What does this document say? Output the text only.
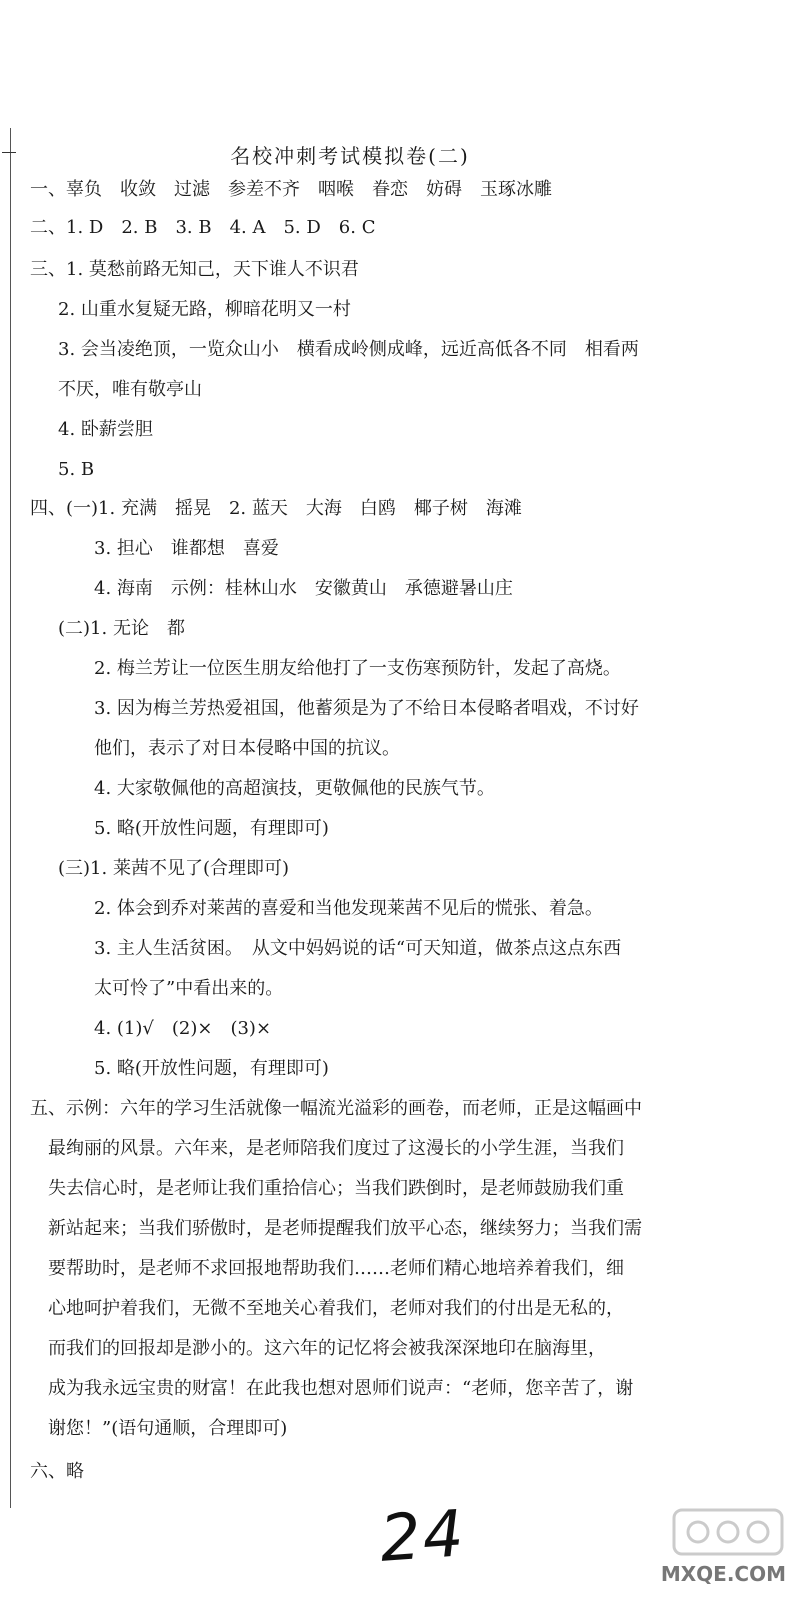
名校冲刺考试模拟卷(二)
一、辜负　收敛　过滤　参差不齐　咽喉　眷恋　妨碍　玉琢冰雕
二、1. D　2. B　3. B　4. A　5. D　6. C
三、1. 莫愁前路无知己，天下谁人不识君
　2. 山重水复疑无路，柳暗花明又一村
　3. 会当凌绝顶，一览众山小　横看成岭侧成峰，远近高低各不同　相看两
　不厌，唯有敬亭山
　4. 卧薪尝胆
　5. B
四、(一)1. 充满　摇晃　2. 蓝天　大海　白鸥　椰子树　海滩
　　　3. 担心　谁都想　喜爱
　　　4. 海南　示例：桂林山水　安徽黄山　承德避暑山庄
　(二)1. 无论　都
　　　2. 梅兰芳让一位医生朋友给他打了一支伤寒预防针，发起了高烧。
　　　3. 因为梅兰芳热爱祖国，他蓄须是为了不给日本侵略者唱戏，不讨好
　　　他们，表示了对日本侵略中国的抗议。
　　　4. 大家敬佩他的高超演技，更敬佩他的民族气节。
　　　5. 略(开放性问题，有理即可)
　(三)1. 莱茜不见了(合理即可)
　　　2. 体会到乔对莱茜的喜爱和当他发现莱茜不见后的慌张、着急。
　　　3. 主人生活贫困。　从文中妈妈说的话“可天知道，做茶点这点东西
　　　太可怜了”中看出来的。
　　　4. (1)√　(2)×　(3)×
　　　5. 略(开放性问题，有理即可)
五、示例：六年的学习生活就像一幅流光溢彩的画卷，而老师，正是这幅画中
　最绚丽的风景。六年来，是老师陪我们度过了这漫长的小学生涯，当我们
　失去信心时，是老师让我们重拾信心；当我们跌倒时，是老师鼓励我们重
　新站起来；当我们骄傲时，是老师提醒我们放平心态，继续努力；当我们需
　要帮助时，是老师不求回报地帮助我们……老师们精心地培养着我们，细
　心地呵护着我们，无微不至地关心着我们，老师对我们的付出是无私的，
　而我们的回报却是渺小的。这六年的记忆将会被我深深地印在脑海里，
　成为我永远宝贵的财富！在此我也想对恩师们说声：“老师，您辛苦了，谢
　谢您！”(语句通顺，合理即可)
六、略
24	MXQE.COM
